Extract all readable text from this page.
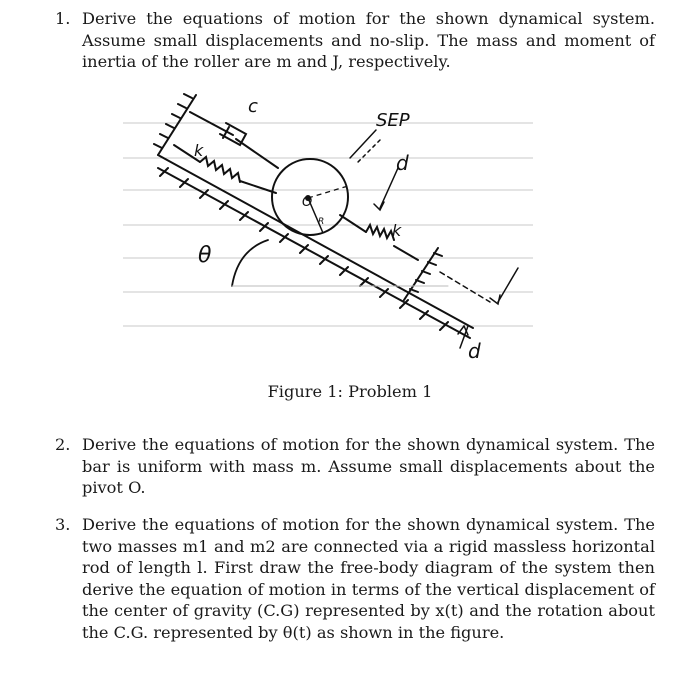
1. Derive the equations of motion for the shown dynamical system. Assume small displacements and no-slip. The mass and moment of inertia of the roller are m and J, respectively.
c
k
SEP
d
O
R	k
θ
d
Figure 1: Problem 1
2. Derive the equations of motion for the shown dynamical system. The bar is uniform with mass m. Assume small displacements about the pivot O.
3. Derive the equations of motion for the shown dynamical system. The two masses m1 and m2 are connected via a rigid massless horizontal rod of length l. First draw the free-body diagram of the system then derive the equation of motion in terms of the vertical displacement of the center of gravity (C.G) represented by x(t) and the rotation about the C.G. represented by θ(t) as shown in the figure.
